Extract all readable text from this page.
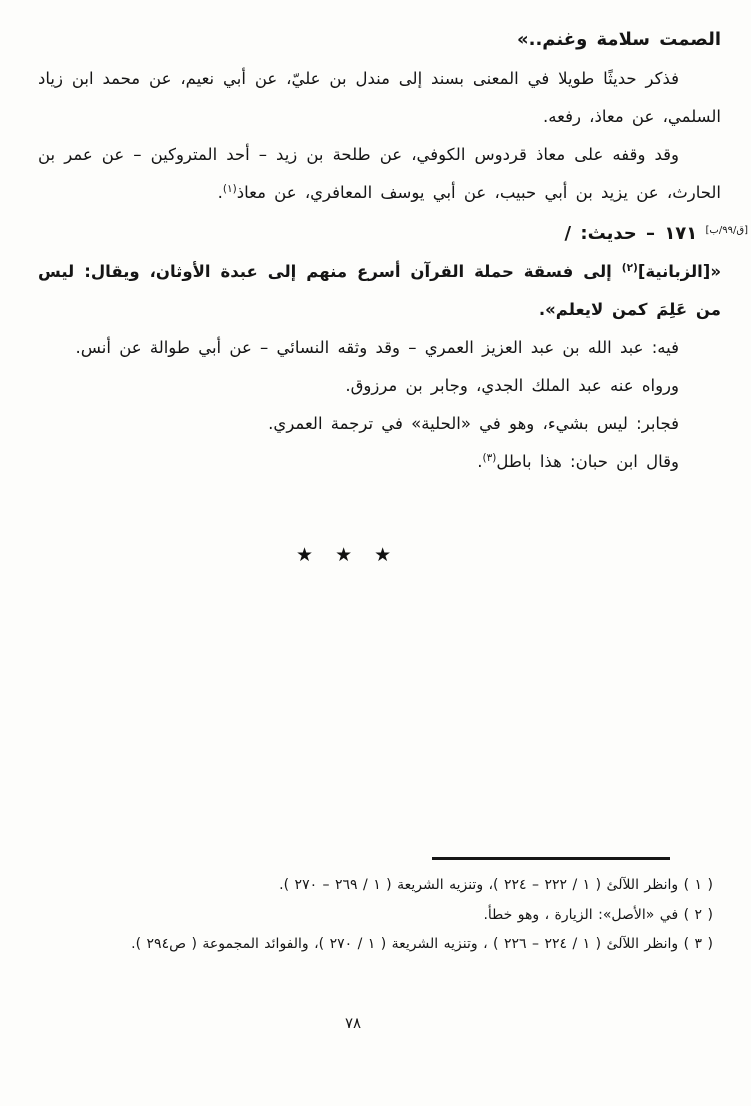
الصمت سلامة وغنم..»

فذكر حديثًا طويلا في المعنى بسند إلى مندل بن عليّ، عن أبي نعيم، عن محمد ابن زياد السلمي، عن معاذ، رفعه.

وقد وقفه على معاذ قردوس الكوفي، عن طلحة بن زيد – أحد المتروكين – عن عمر بن الحارث، عن يزيد بن أبي حبيب، عن أبي يوسف المعافري، عن معاذ$^{(١)}$.

[ق/٩٩/ب] ١٧١ – حديث: /

«[الزبانية]$^{(٢)}$ إلى فسقة حملة القرآن أسرع منهم إلى عبدة الأوثان، ويقال: ليس من عَلِمَ كمن لايعلم».

فيه: عبد الله بن عبد العزيز العمري – وقد وثقه النسائي – عن أبي طوالة عن أنس.

ورواه عنه عبد الملك الجدي، وجابر بن مرزوق.

فجابر: ليس بشيء، وهو في «الحلية» في ترجمة العمري.

وقال ابن حبان: هذا باطل$^{(٣)}$.

★ ★ ★

( ١ ) وانظر اللآلئ ( ١ / ٢٢٢ – ٢٢٤ )، وتنزيه الشريعة ( ١ / ٢٦٩ – ٢٧٠ ).

( ٢ ) في «الأصل»: الزيارة ، وهو خطأ.

( ٣ ) وانظر اللآلئ ( ١ / ٢٢٤ – ٢٢٦ ) ، وتنزيه الشريعة ( ١ / ٢٧٠ )، والفوائد المجموعة ( ص٢٩٤ ).

٧٨
